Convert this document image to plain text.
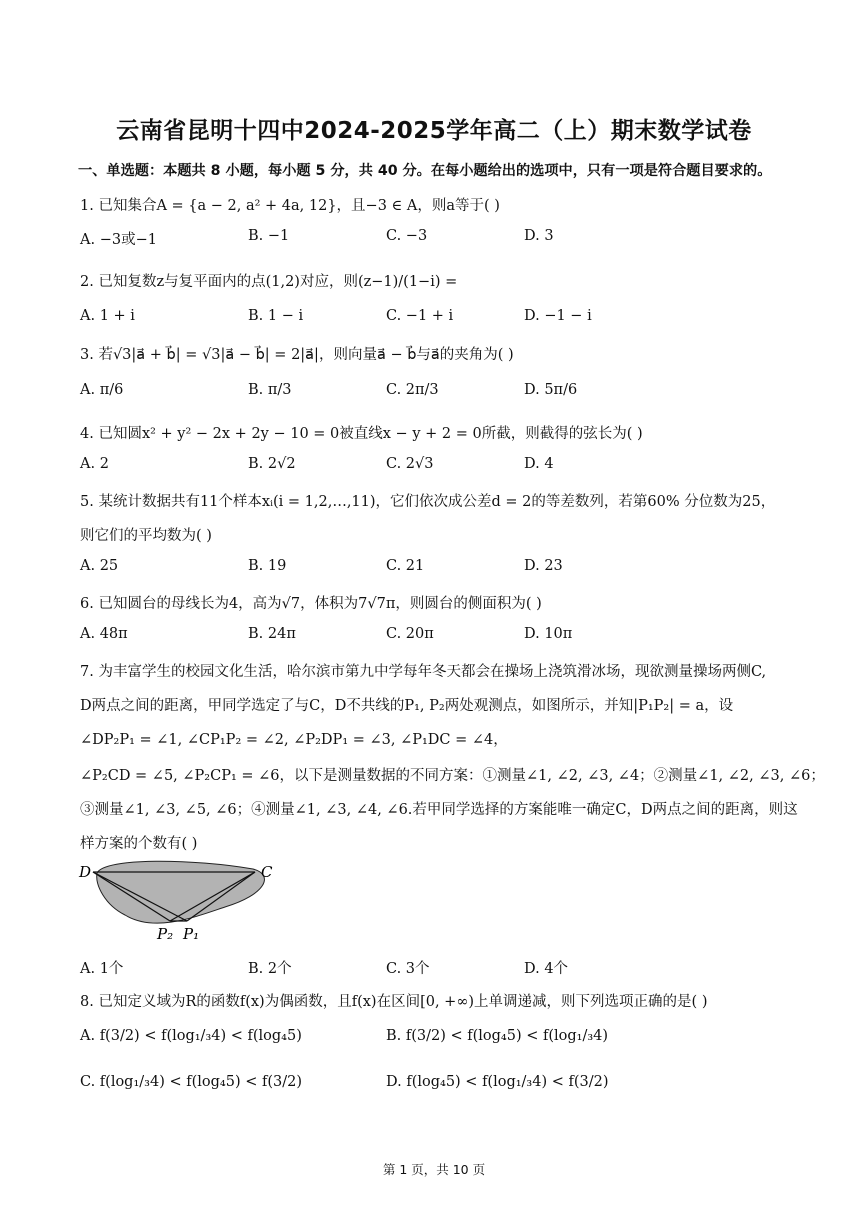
云南省昆明十四中2024-2025学年高二（上）期末数学试卷
一、单选题：本题共 8 小题，每小题 5 分，共 40 分。在每小题给出的选项中，只有一项是符合题目要求的。
1. 已知集合A = {a − 2, a² + 4a, 12}，且−3 ∈ A，则a等于( )
A. −3或−1	B. −1	C. −3	D. 3
2. 已知复数z与复平面内的点(1,2)对应，则(z−1)/(1−i) =
A. 1 + i	B. 1 − i	C. −1 + i	D. −1 − i
3. 若√3|a⃗ + b⃗| = √3|a⃗ − b⃗| = 2|a⃗|，则向量a⃗ − b⃗与a⃗的夹角为( )
A. π/6	B. π/3	C. 2π/3	D. 5π/6
4. 已知圆x² + y² − 2x + 2y − 10 = 0被直线x − y + 2 = 0所截，则截得的弦长为( )
A. 2	B. 2√2	C. 2√3	D. 4
5. 某统计数据共有11个样本xᵢ(i = 1,2,…,11)，它们依次成公差d = 2的等差数列，若第60% 分位数为25，
则它们的平均数为( )
A. 25	B. 19	C. 21	D. 23
6. 已知圆台的母线长为4，高为√7，体积为7√7π，则圆台的侧面积为( )
A. 48π	B. 24π	C. 20π	D. 10π
7. 为丰富学生的校园文化生活，哈尔滨市第九中学每年冬天都会在操场上浇筑滑冰场，现欲测量操场两侧C,
D两点之间的距离，甲同学选定了与C，D不共线的P₁, P₂两处观测点，如图所示，并知|P₁P₂| = a，设
∠DP₂P₁ = ∠1, ∠CP₁P₂ = ∠2, ∠P₂DP₁ = ∠3, ∠P₁DC = ∠4，
∠P₂CD = ∠5, ∠P₂CP₁ = ∠6，以下是测量数据的不同方案：①测量∠1, ∠2, ∠3, ∠4；②测量∠1, ∠2, ∠3, ∠6；
③测量∠1, ∠3, ∠5, ∠6；④测量∠1, ∠3, ∠4, ∠6.若甲同学选择的方案能唯一确定C，D两点之间的距离，则这
样方案的个数有( )
D	C
P₂ P₁
A. 1个	B. 2个	C. 3个	D. 4个
8. 已知定义域为R的函数f(x)为偶函数，且f(x)在区间[0, +∞)上单调递减，则下列选项正确的是( )
A. f(3/2) < f(log₁/₃4) < f(log₄5)	B. f(3/2) < f(log₄5) < f(log₁/₃4)
C. f(log₁/₃4) < f(log₄5) < f(3/2)	D. f(log₄5) < f(log₁/₃4) < f(3/2)
第 1 页，共 10 页
